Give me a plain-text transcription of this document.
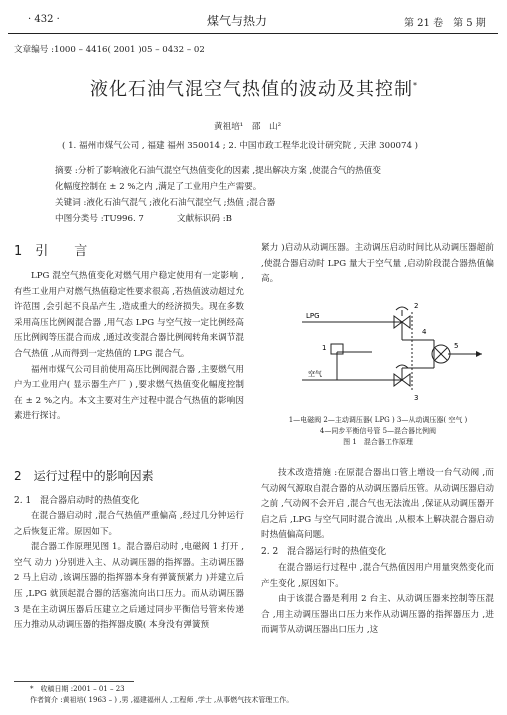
· 432 ·	煤气与热力	第 21 卷　第 5 期
文章编号 :1000 – 4416( 2001 )05 – 0432 – 02
液化石油气混空气热值的波动及其控制*
黄祖培¹　邵　山²
( 1. 福州市煤气公司 , 福建 福州 350014 ; 2. 中国市政工程华北设计研究院 , 天津 300074 )
摘要 :分析了影响液化石油气混空气热值变化的因素 ,提出解决方案 ,使混合气的热值变
化幅度控制在 ± 2 %之内 ,满足了工业用户生产需要。
关键词 :液化石油气混气 ;液化石油气混空气 ;热值 ;混合器
中图分类号 :TU996. 7	文献标识码 :B
1　引　　言

LPG 混空气热值变化对燃气用户稳定使用有一定影响 ,有些工业用户对燃气热值稳定性要求很高 ,若热值波动超过允许范围 ,会引起不良品产生 ,造成重大的经济损失。现在多数采用高压比例阀混合器 ,用气态 LPG 与空气按一定比例经高压比例阀等压混合而成 ,通过改变混合器比例阀转角来调节混合气热值 ,从而得到一定热值的 LPG 混合气。

福州市煤气公司目前使用高压比例阀混合器 ,主要燃气用户为工业用户( 显示器生产厂 ) ,要求燃气热值变化幅度控制在 ± 2 %之内。本文主要对生产过程中混合气热值的影响因素进行探讨。

2　运行过程中的影响因素
2. 1　混合器启动时的热值变化

在混合器启动时 ,混合气热值严重偏高 ,经过几分钟运行之后恢复正常。原因如下。

混合器工作原理见图 1。混合器启动时 ,电磁阀 1 打开 ,空气 动力 )分别进入主、从动调压器的指挥器。主动调压器 2 马上启动 ,该调压器的指挥器本身有弹簧预紧力 )并建立后压 ,LPG 就顶起混合器的活塞流向出口压力。而从动调压器 3 是在主动调压器后压建立之后通过同步平衡信号管来传递压力推动从动调压器的指挥器皮膜( 本身没有弹簧预

紧力 )启动从动调压器。主动调压启动时间比从动调压器超前 ,使混合器启动时 LPG 量大于空气量 ,启动阶段混合器热值偏高。

LPG
空气
1
2
3
4
5
1—电磁阀 2—主动调压器( LPG ) 3—从动调压器( 空气 )
4—同步平衡信号管 5—混合器比例阀
图 1　混合器工作原理

技术改造措施 :在原混合器出口管上增设一台气动阀 ,而气动阀气源取自混合器的从动调压器后压管。从动调压器启动之前 ,气动阀不会开启 ,混合气也无法流出 ,保证从动调压器开启之后 ,LPG 与空气同时混合流出 ,从根本上解决混合器启动时热值偏高问题。

2. 2　混合器运行时的热值变化

在混合器运行过程中 ,混合气热值因用户用量突然变化而产生变化 ,原因如下。

由于该混合器是利用 2 台主、从动调压器来控制等压混合 ,用主动调压器出口压力来作从动调压器的指挥器压力 ,进而调节从动调压器出口压力 ,这

*　收稿日期 :2001 – 01 – 23
作者简介 :黄祖培( 1963 – ) ,男 ,福建福州人 ,工程师 ,学士 ,从事燃气技术管理工作。
